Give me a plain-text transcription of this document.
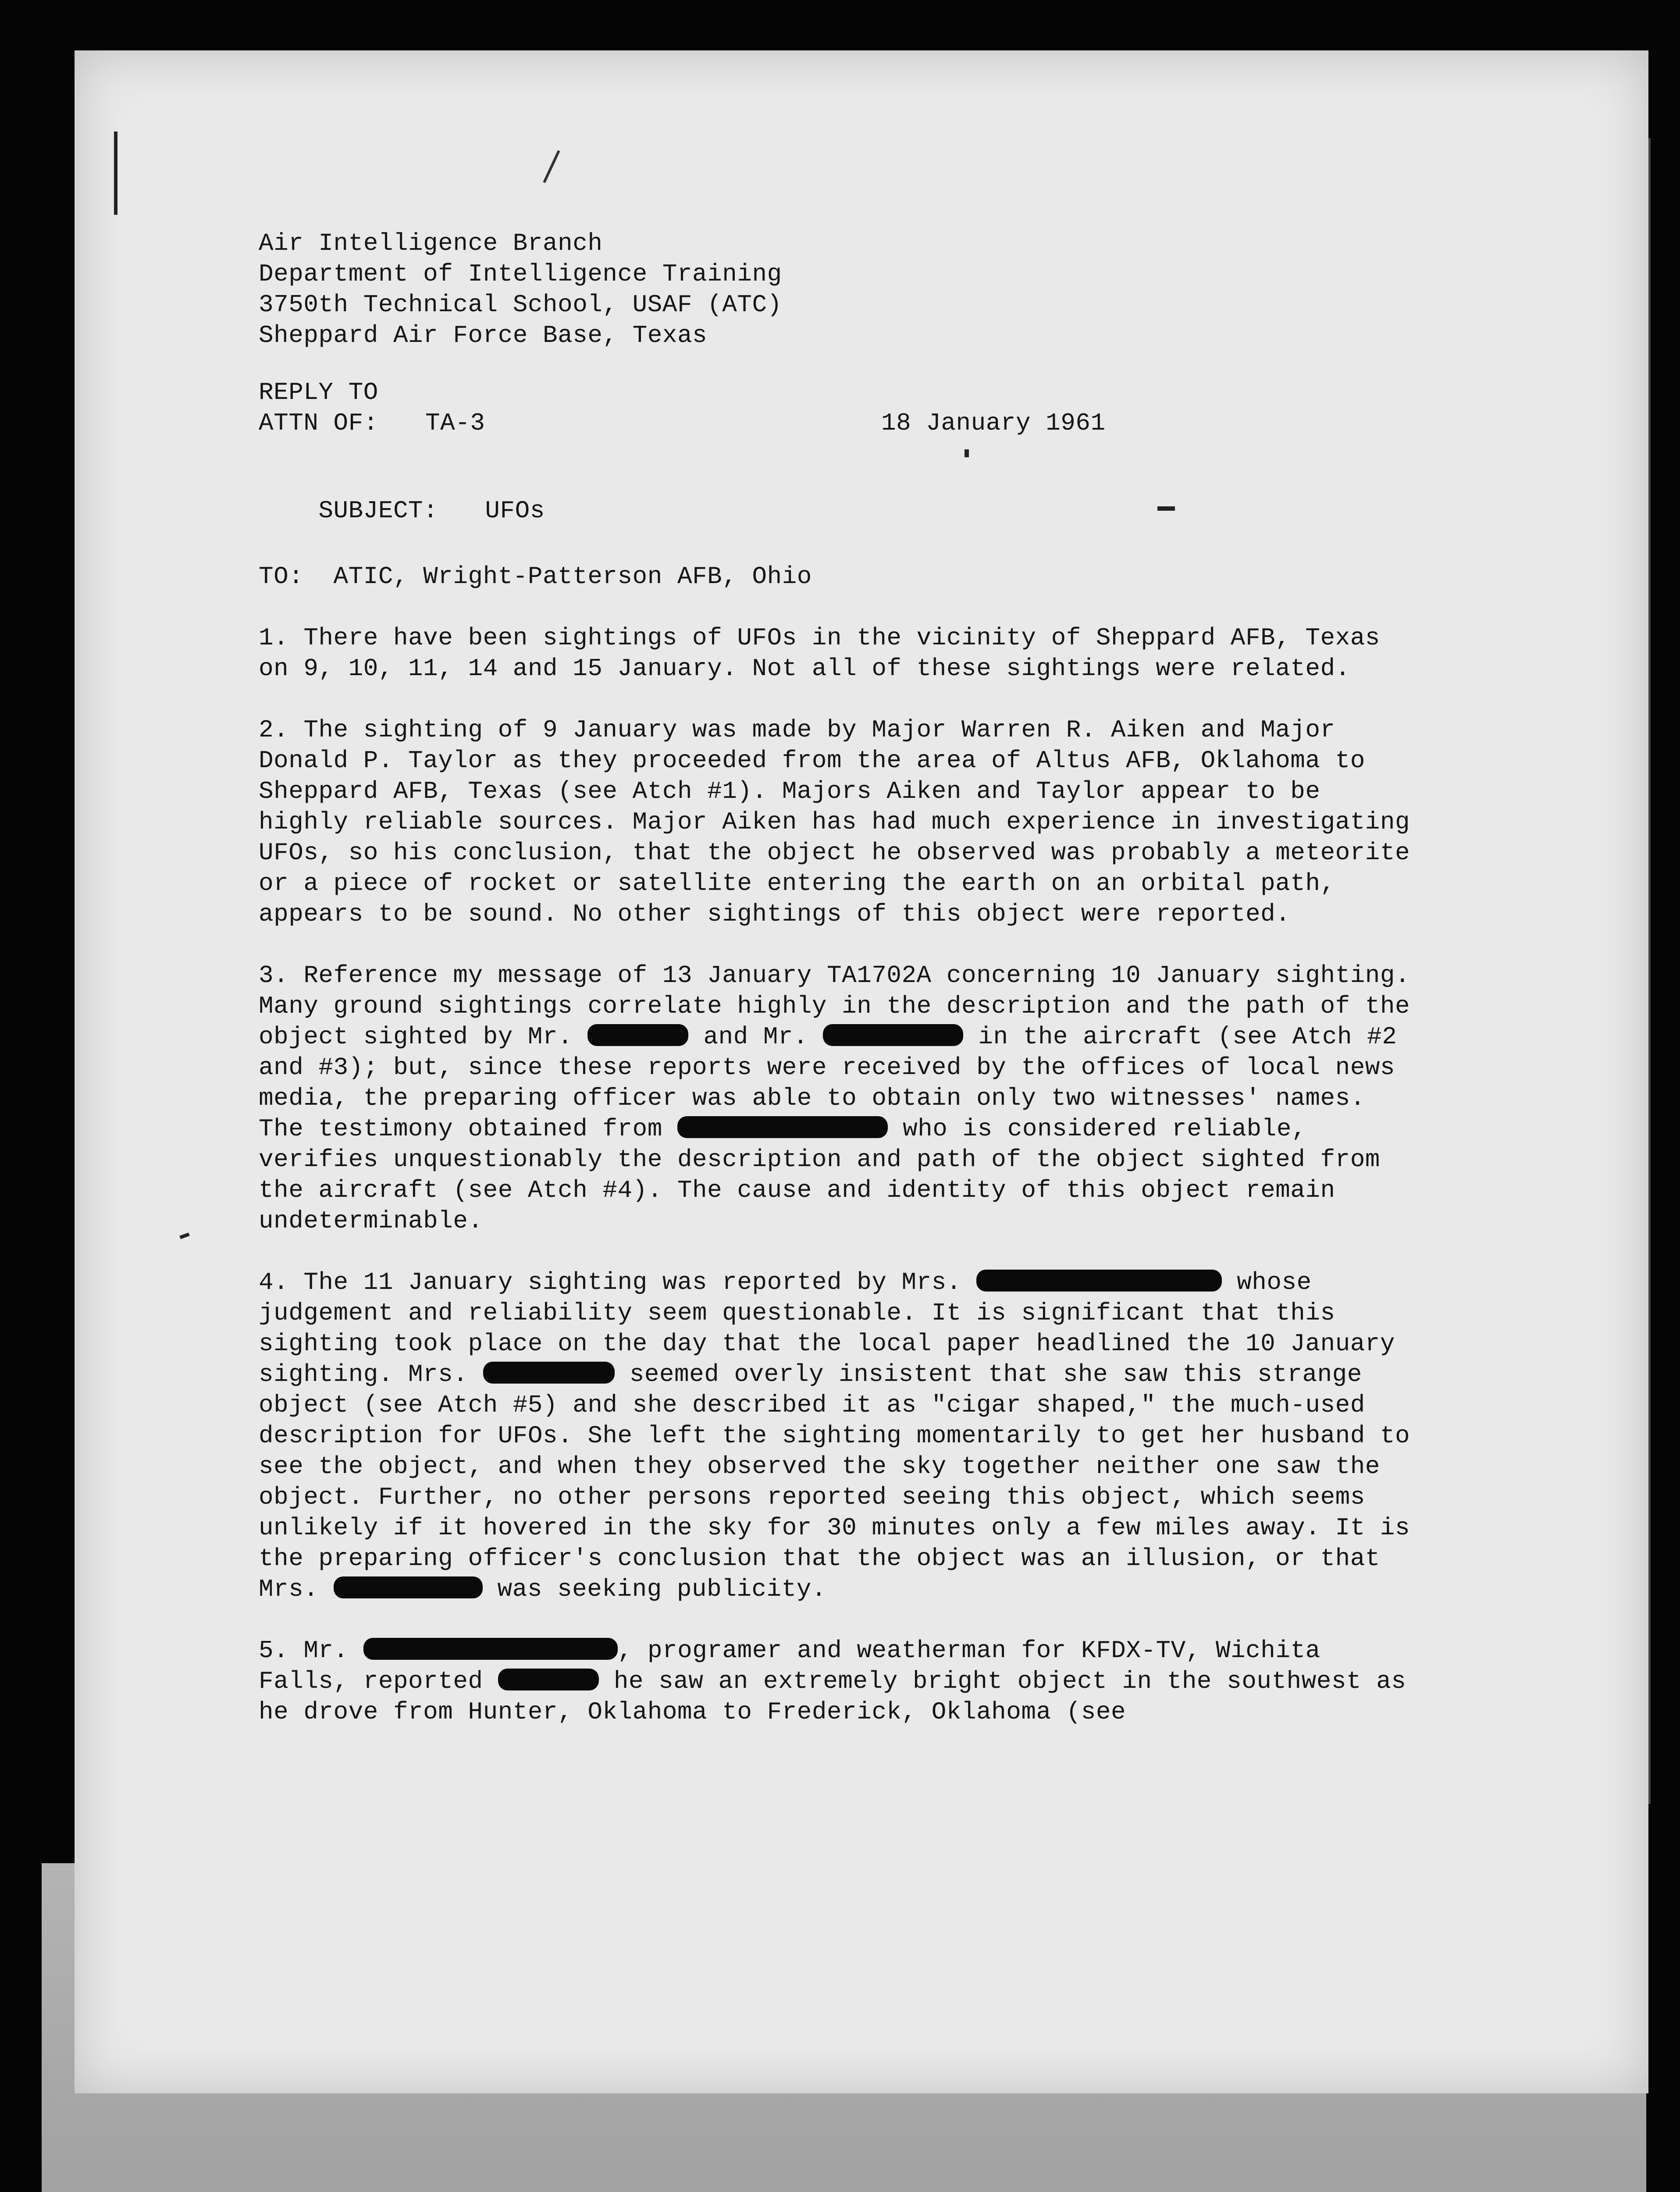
Air Intelligence Branch
Department of Intelligence Training
3750th Technical School, USAF (ATC)
Sheppard Air Force Base, Texas
REPLY TO
ATTN OF:	TA-3	18 January 1961

SUBJECT: UFOs

TO:  ATIC, Wright-Patterson AFB, Ohio

1. There have been sightings of UFOs in the vicinity of Sheppard AFB, Texas on 9, 10, 11, 14 and 15 January. Not all of these sightings were related.

2. The sighting of 9 January was made by Major Warren R. Aiken and Major Donald P. Taylor as they proceeded from the area of Altus AFB, Oklahoma to Sheppard AFB, Texas (see Atch #1). Majors Aiken and Taylor appear to be highly reliable sources. Major Aiken has had much experience in investigating UFOs, so his conclusion, that the object he observed was probably a meteorite or a piece of rocket or satellite entering the earth on an orbital path, appears to be sound. No other sightings of this object were reported.

3. Reference my message of 13 January TA1702A concerning 10 January sighting. Many ground sightings correlate highly in the description and the path of the object sighted by Mr.	and Mr.	in the aircraft (see Atch #2 and #3); but, since these reports were received by the offices of local news media, the preparing officer was able to obtain only two witnesses' names. The testimony obtained from	who is considered reliable, verifies unquestionably the description and path of the object sighted from the aircraft (see Atch #4). The cause and identity of this object remain undeterminable.

4. The 11 January sighting was reported by Mrs.	whose judgement and reliability seem questionable. It is significant that this sighting took place on the day that the local paper headlined the 10 January sighting. Mrs.	seemed overly insistent that she saw this strange object (see Atch #5) and she described it as "cigar shaped," the much-used description for UFOs. She left the sighting momentarily to get her husband to see the object, and when they observed the sky together neither one saw the object. Further, no other persons reported seeing this object, which seems unlikely if it hovered in the sky for 30 minutes only a few miles away. It is the preparing officer's conclusion that the object was an illusion, or that Mrs.	was seeking publicity.

5. Mr.	, programer and weatherman for KFDX-TV, Wichita Falls, reported	he saw an extremely bright object in the southwest as he drove from Hunter, Oklahoma to Frederick, Oklahoma (see
